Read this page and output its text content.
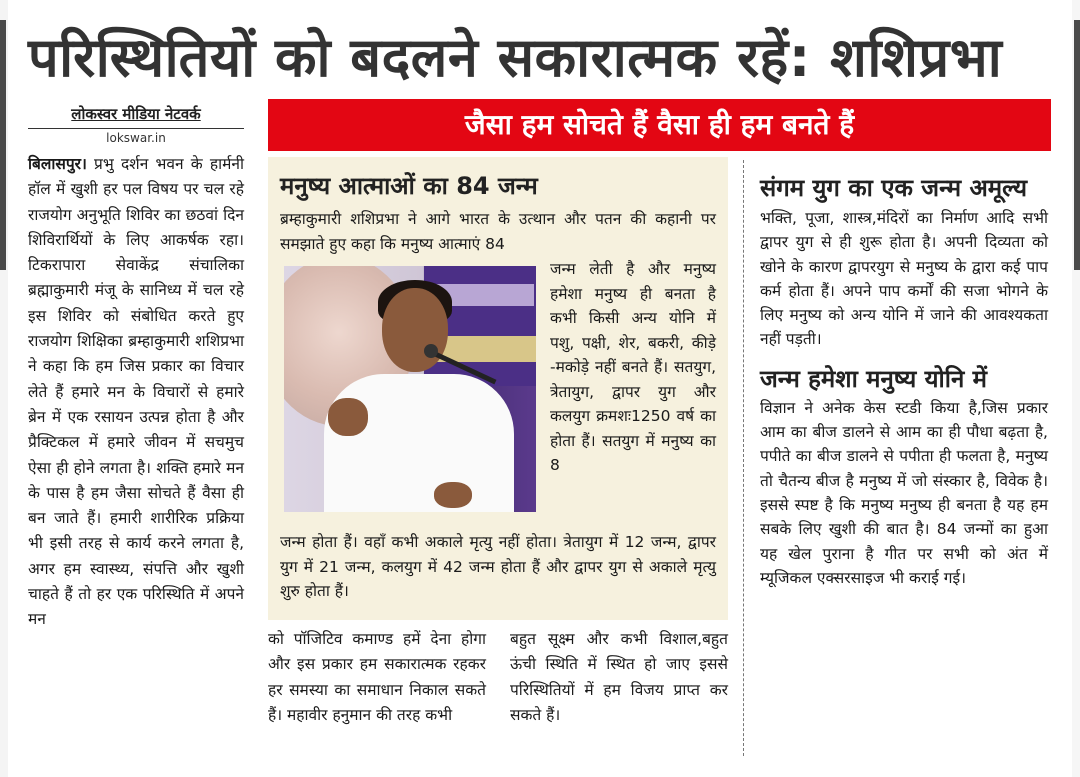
परिस्थितियों को बदलने सकारात्मक रहें: शशिप्रभा
लोकस्वर मीडिया नेटवर्क
lokswar.in	जैसा हम सोचते हैं वैसा ही हम बनते हैं
बिलासपुर। प्रभु दर्शन भवन के हार्मनी हॉल में खुशी हर पल विषय पर चल रहे राजयोग अनुभूति शिविर का छठवां दिन शिविरार्थियों के लिए आकर्षक रहा। टिकरापारा सेवाकेंद्र संचालिका ब्रह्माकुमारी मंजू के सानिध्य में चल रहे इस शिविर को संबोधित करते हुए राजयोग शिक्षिका ब्रम्हाकुमारी शशिप्रभा ने कहा कि हम जिस प्रकार का विचार लेते हैं हमारे मन के विचारों से हमारे ब्रेन में एक रसायन उत्पन्न होता है और प्रैक्टिकल में हमारे जीवन में सचमुच ऐसा ही होने लगता है। शक्ति हमारे मन के पास है हम जैसा सोचते हैं वैसा ही बन जाते हैं। हमारी शारीरिक प्रक्रिया भी इसी तरह से कार्य करने लगता है, अगर हम स्वास्थ्य, संपत्ति और खुशी चाहते हैं तो हर एक परिस्थिति में अपने मन
मनुष्य आत्माओं का 84 जन्म
ब्रम्हाकुमारी शशिप्रभा ने आगे भारत के उत्थान और पतन की कहानी पर समझाते हुए कहा कि मनुष्य आत्माएं 84
जन्म लेती है और मनुष्य हमेशा मनुष्य ही बनता है कभी किसी अन्य योनि में पशु, पक्षी, शेर, बकरी, कीड़े -मकोड़े नहीं बनते हैं। सतयुग, त्रेतायुग, द्वापर युग और कलयुग क्रमशः1250 वर्ष का होता हैं। सतयुग में मनुष्य का 8
जन्म होता हैं। वहाँ कभी अकाले मृत्यु नहीं होता। त्रेतायुग में 12 जन्म, द्वापर युग में 21 जन्म, कलयुग में 42 जन्म होता हैं और द्वापर युग से अकाले मृत्यु शुरु होता हैं।
को पॉजिटिव कमाण्ड हमें देना होगा और इस प्रकार हम सकारात्मक रहकर हर समस्या का समाधान निकाल सकते हैं। महावीर हनुमान की तरह कभी
बहुत सूक्ष्म और कभी विशाल,बहुत ऊंची स्थिति में स्थित हो जाए इससे परिस्थितियों में हम विजय प्राप्त कर सकते हैं।
संगम युग का एक जन्म अमूल्य
भक्ति, पूजा, शास्त्र,मंदिरों का निर्माण आदि सभी द्वापर युग से ही शुरू होता है। अपनी दिव्यता को खोने के कारण द्वापरयुग से मनुष्य के द्वारा कई पाप कर्म होता हैं। अपने पाप कर्मों की सजा भोगने के लिए मनुष्य को अन्य योनि में जाने की आवश्यकता नहीं पड़ती।
जन्म हमेशा मनुष्य योनि में
विज्ञान ने अनेक केस स्टडी किया है,जिस प्रकार आम का बीज डालने से आम का ही पौधा बढ़ता है, पपीते का बीज डालने से पपीता ही फलता है, मनुष्य तो चैतन्य बीज है मनुष्य में जो संस्कार है, विवेक है। इससे स्पष्ट है कि मनुष्य मनुष्य ही बनता है यह हम सबके लिए खुशी की बात है। 84 जन्मों का हुआ यह खेल पुराना है गीत पर सभी को अंत में म्यूजिकल एक्सरसाइज भी कराई गई।
